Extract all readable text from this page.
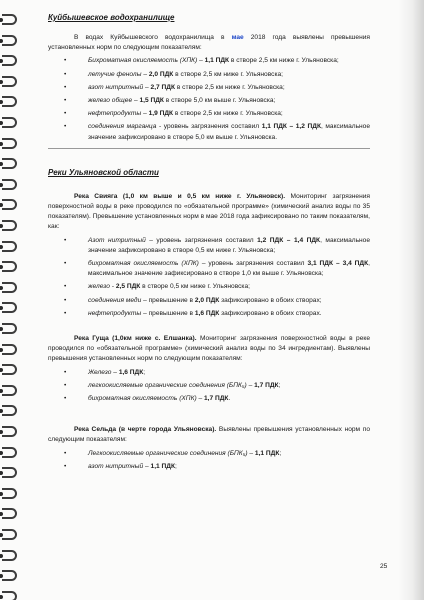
Куйбышевское водохранилище

В водах Куйбышевского водохранилища в мае 2018 года выявлены превышения установленных норм по следующим показателям:

• Бихроматная окисляемость (ХПК) – 1,1 ПДК в створе 2,5 км ниже г. Ульяновска;
• летучие фенолы – 2,0 ПДК в створе 2,5 км ниже г. Ульяновска;
• азот нитритный – 2,7 ПДК в створе 2,5 км ниже г. Ульяновска;
• железо общее – 1,5 ПДК в створе 5,0 км выше г. Ульяновска;
• нефтепродукты – 1,9 ПДК в створе 2,5 км ниже г. Ульяновска;
• соединения марганца - уровень загрязнения составил 1,1 ПДК – 1,2 ПДК, максимальное значение зафиксировано в створе 5,0 км выше г. Ульяновска.
Реки Ульяновской области

Река Свияга (1,0 км выше и 0,5 км ниже г. Ульяновск). Мониторинг загрязнения поверхностной воды в реке проводился по «обязательной программе» (химический анализ воды по 35 показателям). Превышение установленных норм в мае 2018 года зафиксировано по таким показателям, как:

• Азот нитритный – уровень загрязнения составил 1,2 ПДК – 1,4 ПДК, максимальное значение зафиксировано в створе 0,5 км ниже г. Ульяновска;
• бихроматная окисляемость (ХПК) – уровень загрязнения составил 3,1 ПДК – 3,4 ПДК, максимальное значение зафиксировано в створе 1,0 км выше г. Ульяновска;
• железо - 2,5 ПДК в створе 0,5 км ниже г. Ульяновска;
• соединения меди – превышение в 2,0 ПДК зафиксировано в обоих створах;
• нефтепродукты – превышение в 1,6 ПДК зафиксировано в обоих створах.

Река Гуща (1,0км ниже с. Елшанка). Мониторинг загрязнения поверхностной воды в реке проводился по «обязательной программе» (химический анализ воды по 34 ингредиентам). Выявлены превышения установленных норм по следующим показателям:

• Железо – 1,6 ПДК;
• легкоокисляемые органические соединения (БПК₅) – 1,7 ПДК;
• бихроматная окисляемость (ХПК) – 1,7 ПДК.

Река Сельда (в черте города Ульяновска). Выявлены превышения установленных норм по следующим показателям:

• Легкоокисляемые органические соединения (БПК₅) – 1,1 ПДК;
• азот нитритный – 1,1 ПДК;
25
